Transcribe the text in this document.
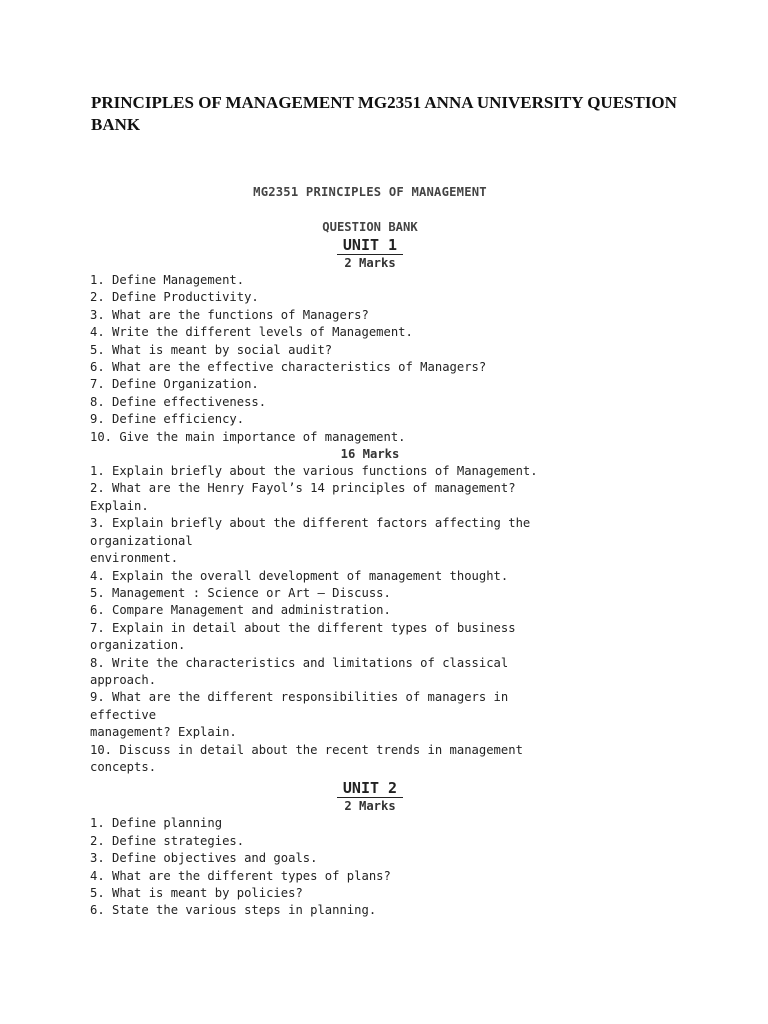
PRINCIPLES OF MANAGEMENT MG2351 ANNA UNIVERSITY QUESTION BANK
MG2351 PRINCIPLES OF MANAGEMENT
QUESTION BANK
UNIT 1
2 Marks
1. Define Management.
2. Define Productivity.
3. What are the functions of Managers?
4. Write the different levels of Management.
5. What is meant by social audit?
6. What are the effective characteristics of Managers?
7. Define Organization.
8. Define effectiveness.
9. Define efficiency.
10. Give the main importance of management.
16 Marks
1. Explain briefly about the various functions of Management.
2. What are the Henry Fayol’s 14 principles of management?
Explain.
3. Explain briefly about the different factors affecting the
organizational
environment.
4. Explain the overall development of management thought.
5. Management : Science or Art – Discuss.
6. Compare Management and administration.
7. Explain in detail about the different types of business
organization.
8. Write the characteristics and limitations of classical
approach.
9. What are the different responsibilities of managers in
effective
management? Explain.
10. Discuss in detail about the recent trends in management
concepts.
UNIT 2
2 Marks
1. Define planning
2. Define strategies.
3. Define objectives and goals.
4. What are the different types of plans?
5. What is meant by policies?
6. State the various steps in planning.
